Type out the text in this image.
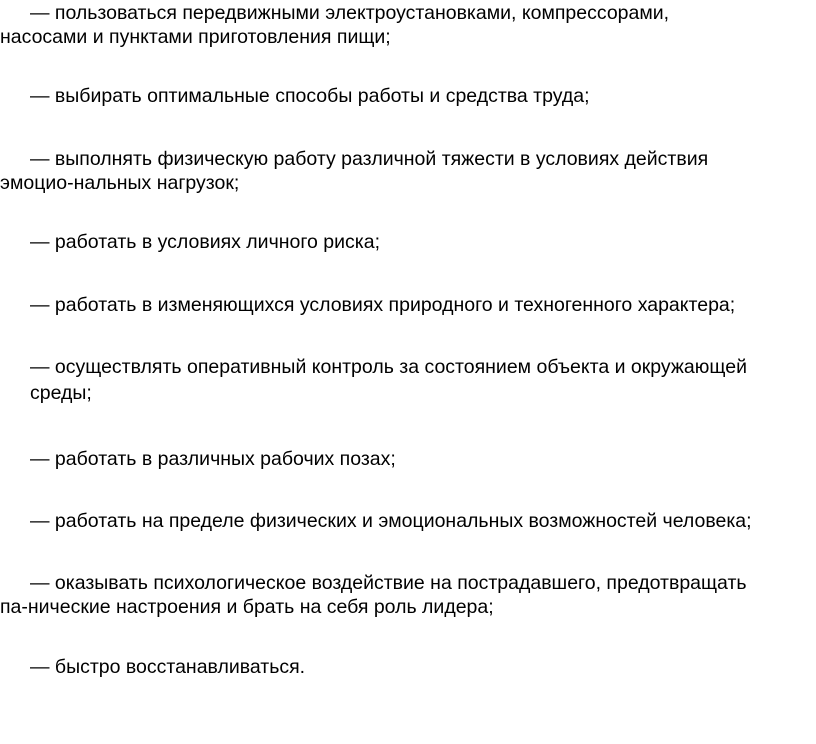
— пользоваться передвижными электроустановками, компрессорами,
насосами и пунктами приготовления пищи;

— выбирать оптимальные способы работы и средства труда;

— выполнять физическую работу различной тяжести в условиях действия
эмоцио-нальных нагрузок;

— работать в условиях личного риска;

— работать в изменяющихся условиях природного и техногенного характера;

— осуществлять оперативный контроль за состоянием объекта и окружающей
среды;

— работать в различных рабочих позах;

— работать на пределе физических и эмоциональных возможностей человека;

— оказывать психологическое воздействие на пострадавшего, предотвращать
па-нические настроения и брать на себя роль лидера;

— быстро восстанавливаться.
